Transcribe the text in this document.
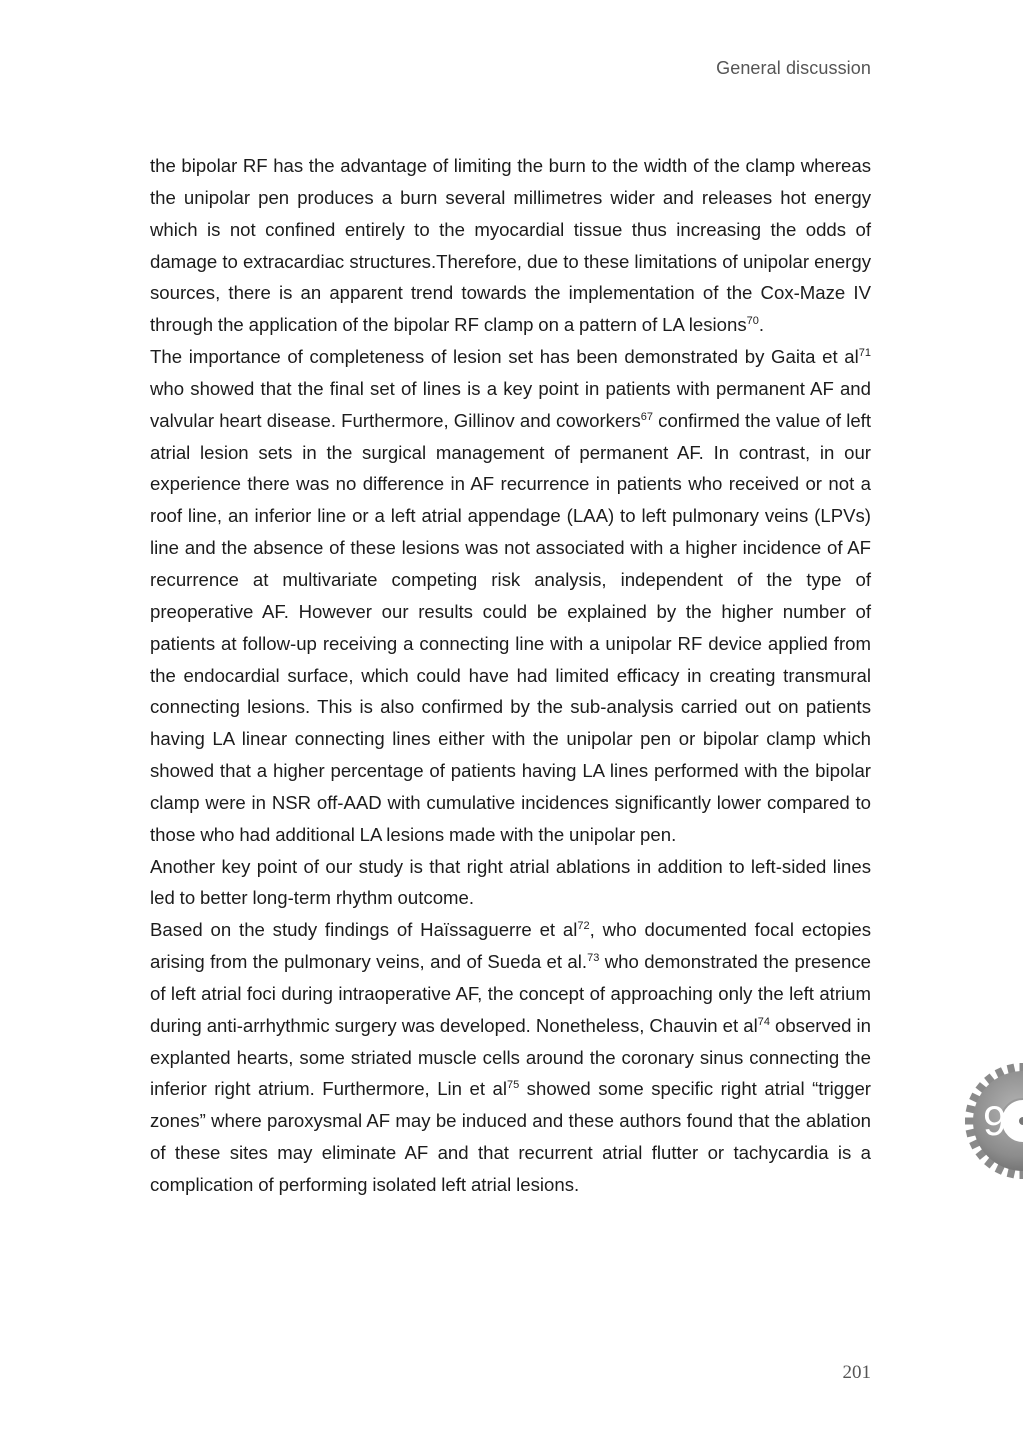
General discussion

the bipolar RF has the advantage of limiting the burn to the width of the clamp whereas the unipolar pen produces a burn several millimetres wider and releases hot energy which is not confined entirely to the myocardial tissue thus increasing the odds of damage to extracardiac structures.Therefore, due to these limitations of unipolar energy sources, there is an apparent trend towards the implementation of the Cox-Maze IV through the application of the bipolar RF clamp on a pattern of LA lesions$^{70}$.

The importance of completeness of lesion set has been demonstrated by Gaita et $al^{71}$ who showed that the final set of lines is a key point in patients with permanent AF and valvular heart disease. Furthermore, Gillinov and coworkers$^{67}$ confirmed the value of left atrial lesion sets in the surgical management of permanent AF. In contrast, in our experience there was no difference in AF recurrence in patients who received or not a roof line, an inferior line or a left atrial appendage (LAA) to left pulmonary veins (LPVs) line and the absence of these lesions was not associated with a higher incidence of AF recurrence at multivariate competing risk analysis, independent of the type of preoperative AF. However our results could be explained by the higher number of patients at follow-up receiving a connecting line with a unipolar RF device applied from the endocardial surface, which could have had limited efficacy in creating transmural connecting lesions. This is also confirmed by the sub-analysis carried out on patients having LA linear connecting lines either with the unipolar pen or bipolar clamp which showed that a higher percentage of patients having LA lines performed with the bipolar clamp were in NSR off-AAD with cumulative incidences significantly lower compared to those who had additional LA lesions made with the unipolar pen.

Another key point of our study is that right atrial ablations in addition to left-sided lines led to better long-term rhythm outcome.

Based on the study findings of Haïssaguerre et $al^{72}$, who documented focal ectopies arising from the pulmonary veins, and of Sueda et al.$^{73}$ who demonstrated the presence of left atrial foci during intraoperative AF, the concept of approaching only the left atrium during anti-arrhythmic surgery was developed. Nonetheless, Chauvin et $al^{74}$ observed in explanted hearts, some striated muscle cells around the coronary sinus connecting the inferior right atrium. Furthermore, Lin et $al^{75}$ showed some specific right atrial “trigger zones” where paroxysmal AF may be induced and these authors found that the ablation of these sites may eliminate AF and that recurrent atrial flutter or tachycardia is a complication of performing isolated left atrial lesions.

9
201
